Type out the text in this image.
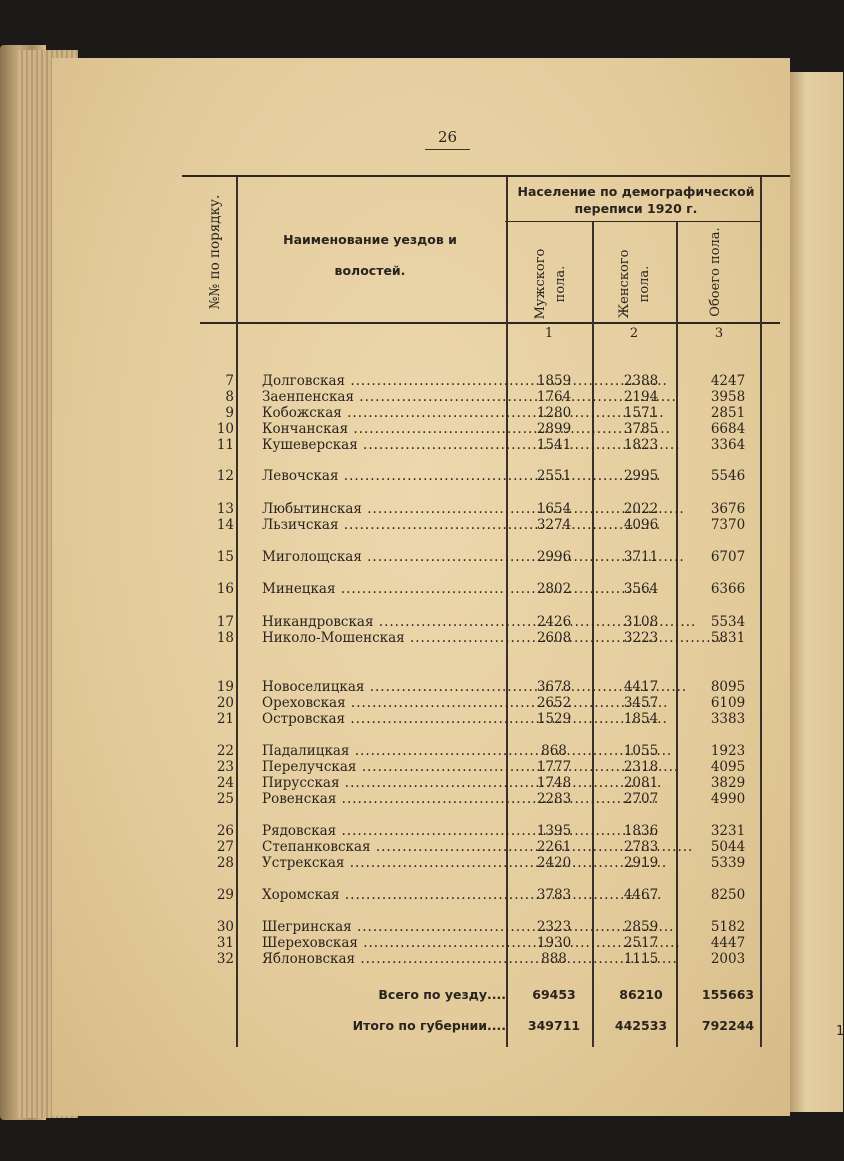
1
26
№№ по порядку.	Наименование уездов и
волостей.
Население по демографической
переписи 1920 г.
Мужского пола.	Женского пола.	Обоего пола.
1	2	3
7 Долговская .....	1859	2388	4247
8 Заенпенская .....	1764	2194	3958
9 Кобожская .....	1280	1571	2851
10 Кончанская .....	2899	3785	6684
11 Кушеверская .....	1541	1823	3364
12 Левочская .....	2551	2995	5546
13 Любытинская .....	1654	2022	3676
14 Льзичская .....	3274	4096	7370
15 Миголощская .....	2996	3711	6707
16 Минецкая .....	2802	3564	6366
17 Никандровская .....	2426	3108	5534
18 Николо-Мошенская .....	2608	3223	5831
19 Новоселицкая .....	3678	4417	8095
20 Ореховская .....	2652	3457	6109
21 Островская .....	1529	1854	3383
22 Падалицкая .....	868	1055	1923
23 Перелучская .....	1777	2318	4095
24 Пирусская .....	1748	2081	3829
25 Ровенская .....	2283	2707	4990
26 Рядовская .....	1395	1836	3231
27 Степанковская .....	2261	2783	5044
28 Устрекская .....	2420	2919	5339
29 Хоромская .....	3783	4467	8250
30 Шегринская .....	2323	2859	5182
31 Шереховская .....	1930	2517	4447
32 Яблоновская .....	888	1115	2003
Всего по уезду ....	69453	86210	155663
Итого по губернии ....	349711	442533	792244
